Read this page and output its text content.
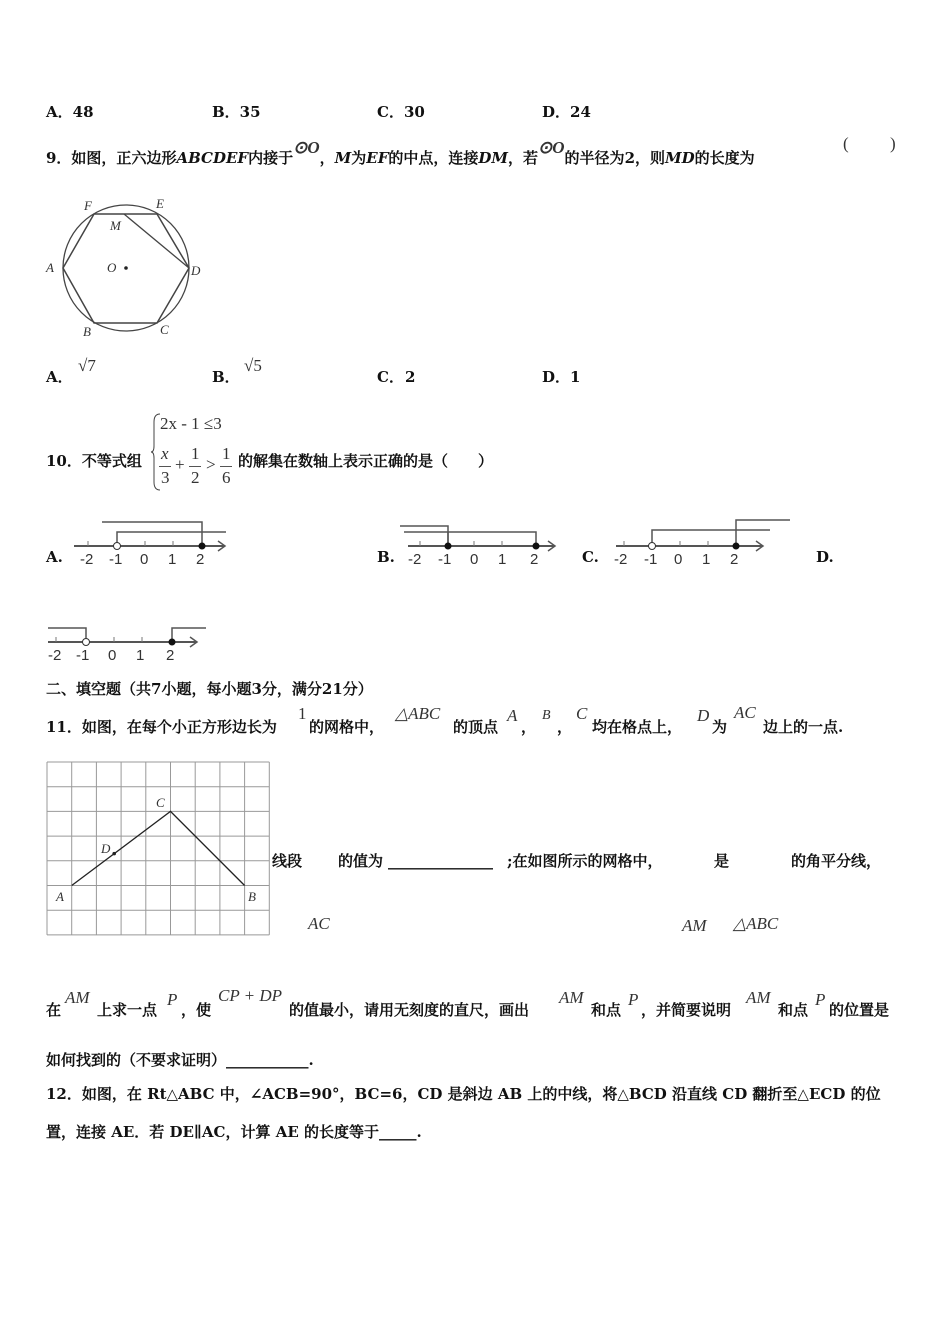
A．48	B．35	C．30	D．24
9．如图，正六边形ABCDEF内接于⊙O，M为EF的中点，连接DM，若⊙O的半径为2，则MD的长度为
( )
F	E
M
A	O	D
B	C
A．
√7
B．
√5
C． 2	D． 1
10．不等式组
2x - 1 ≤3
x
3
+
1
2
>
1
6
的解集在数轴上表示正确的是（　　）
A.	B.	C.	D.
-2 -1 0 1 2	-2 -1 0 1 2	-2 -1 0 1 2
-2 -1 0 1 2
二、填空题（共7小题，每小题3分，满分21分）
11．如图，在每个小正方形边长为
1
的网格中，
△ABC
的顶点
A
，
B
，
C
均在格点上，
D
为
AC
边上的一点.
C
D
A	B
线段 的值为 ______________ ;在如图所示的网格中，	是	的角平分线，
AC	AM △ABC
在
AM
上求一点
P
，使
CP + DP
的值最小，请用无刻度的直尺，画出
AM
和点
P
，并简要说明
AM
和点
P
的位置是
如何找到的（不要求证明）___________.
12．如图，在 Rt△ABC 中，∠ACB=90°，BC=6，CD 是斜边 AB 上的中线，将△BCD 沿直线 CD 翻折至△ECD 的位
置，连接 AE．若 DE∥AC，计算 AE 的长度等于_____.
